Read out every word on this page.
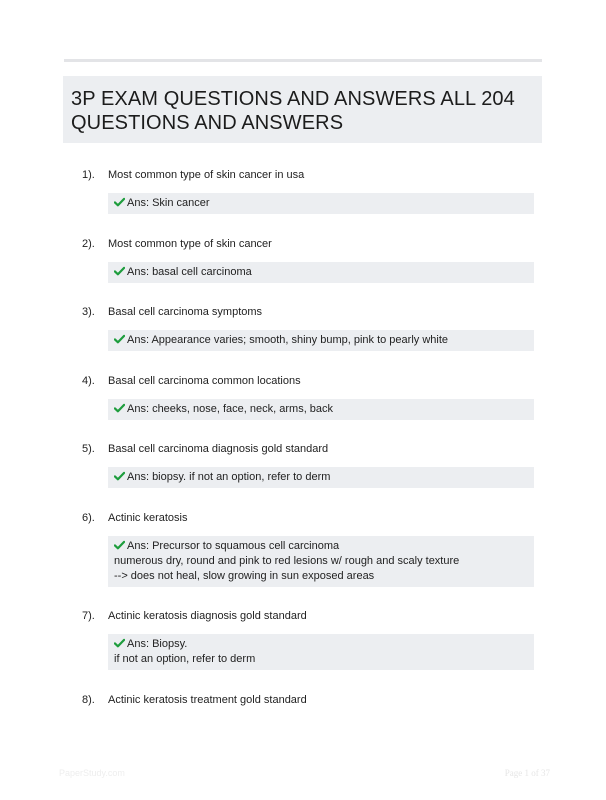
3P EXAM QUESTIONS AND ANSWERS ALL 204 QUESTIONS AND ANSWERS
1). Most common type of skin cancer in usa
Ans: Skin cancer
2). Most common type of skin cancer
Ans: basal cell carcinoma
3). Basal cell carcinoma symptoms
Ans: Appearance varies; smooth, shiny bump, pink to pearly white
4). Basal cell carcinoma common locations
Ans: cheeks, nose, face, neck, arms, back
5). Basal cell carcinoma diagnosis gold standard
Ans: biopsy. if not an option, refer to derm
6). Actinic keratosis
Ans: Precursor to squamous cell carcinoma
numerous dry, round and pink to red lesions w/ rough and scaly texture
--> does not heal, slow growing in sun exposed areas
7). Actinic keratosis diagnosis gold standard
Ans: Biopsy.
if not an option, refer to derm
8). Actinic keratosis treatment gold standard
PaperStudy.com	Page 1 of 37
